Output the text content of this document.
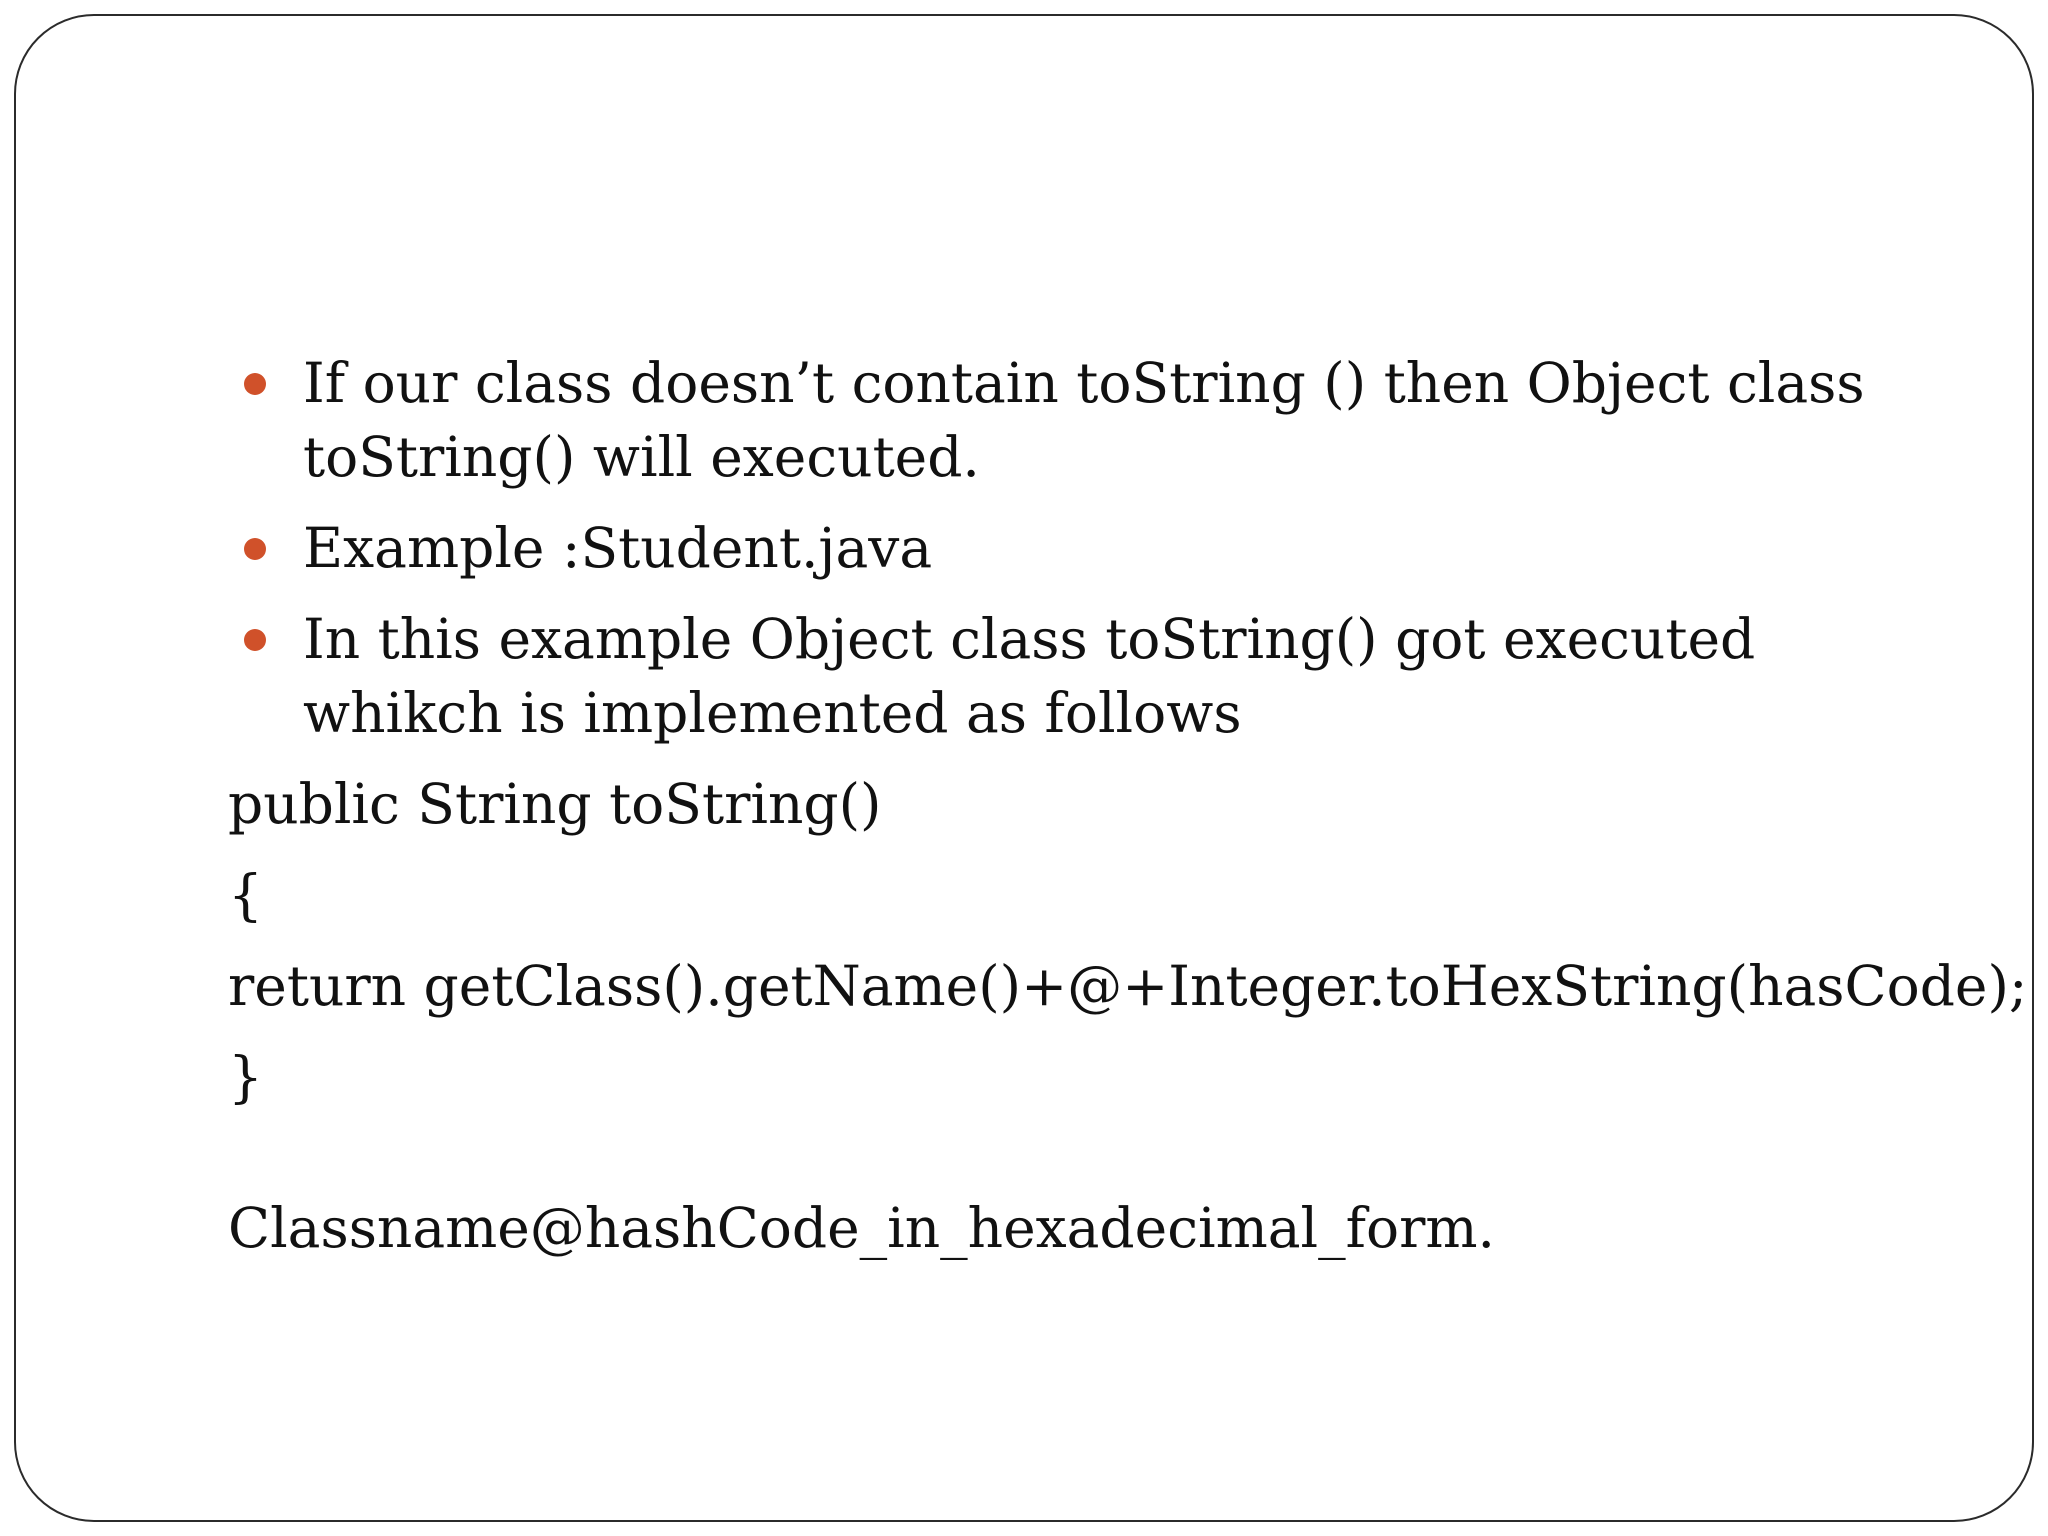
If our class doesn’t contain toString () then Object class toString() will executed.
Example :Student.java
In this example Object class toString() got executed whikch is implemented as follows

public String toString()

{

return getClass().getName()+@+Integer.toHexString(hasCode);

}

Classname@hashCode_in_hexadecimal_form.
